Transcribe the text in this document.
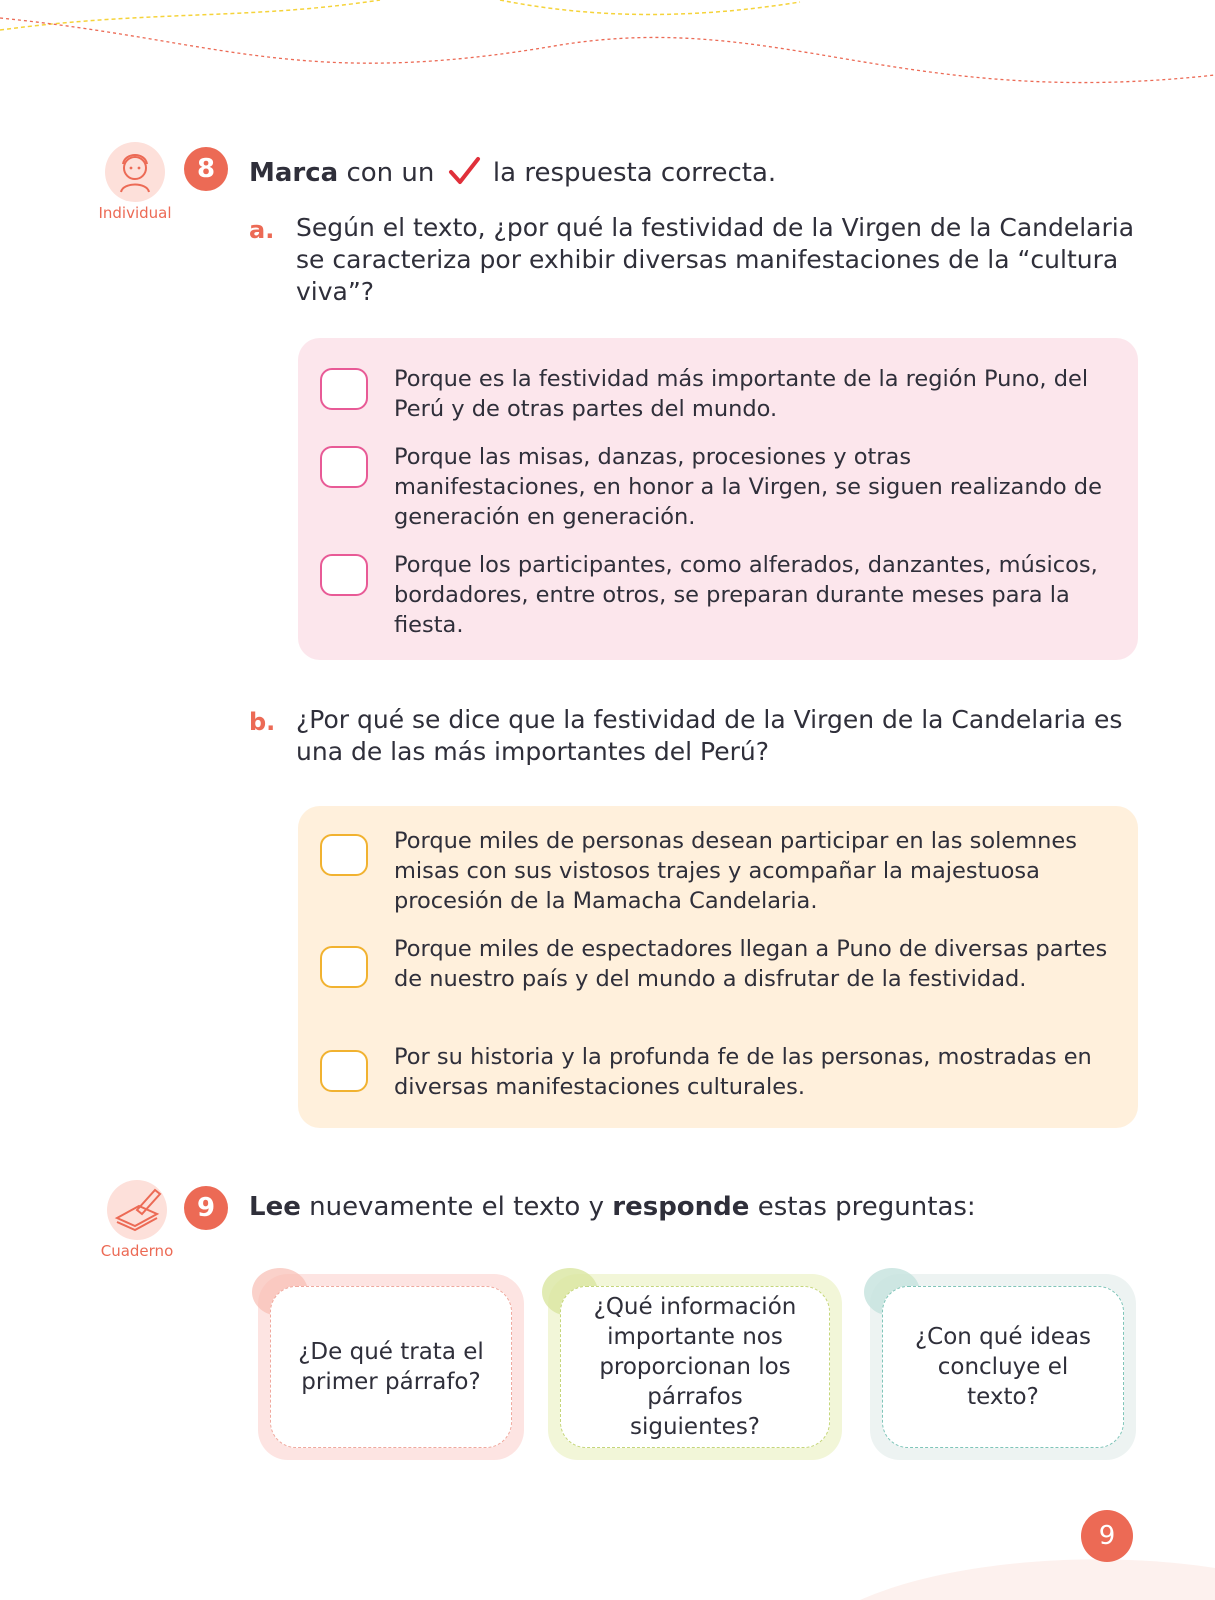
Individual
8	Marca con un  la respuesta correcta.
a. Según el texto, ¿por qué la festividad de la Virgen de la Candelaria se caracteriza por exhibir diversas manifestaciones de la “cultura viva”?
Porque es la festividad más importante de la región Puno, del Perú y de otras partes del mundo.
Porque las misas, danzas, procesiones y otras manifestaciones, en honor a la Virgen, se siguen realizando de generación en generación.
Porque los participantes, como alferados, danzantes, músicos, bordadores, entre otros, se preparan durante meses para la fiesta.
b. ¿Por qué se dice que la festividad de la Virgen de la Candelaria es una de las más importantes del Perú?
Porque miles de personas desean participar en las solemnes misas con sus vistosos trajes y acompañar la majestuosa procesión de la Mamacha Candelaria.
Porque miles de espectadores llegan a Puno de diversas partes de nuestro país y del mundo a disfrutar de la festividad.
Por su historia y la profunda fe de las personas, mostradas en diversas manifestaciones culturales.
Cuaderno
9	Lee nuevamente el texto y responde estas preguntas:
¿De qué trata el primer párrafo?
¿Qué información importante nos proporcionan los párrafos siguientes?
¿Con qué ideas concluye el texto?
9
